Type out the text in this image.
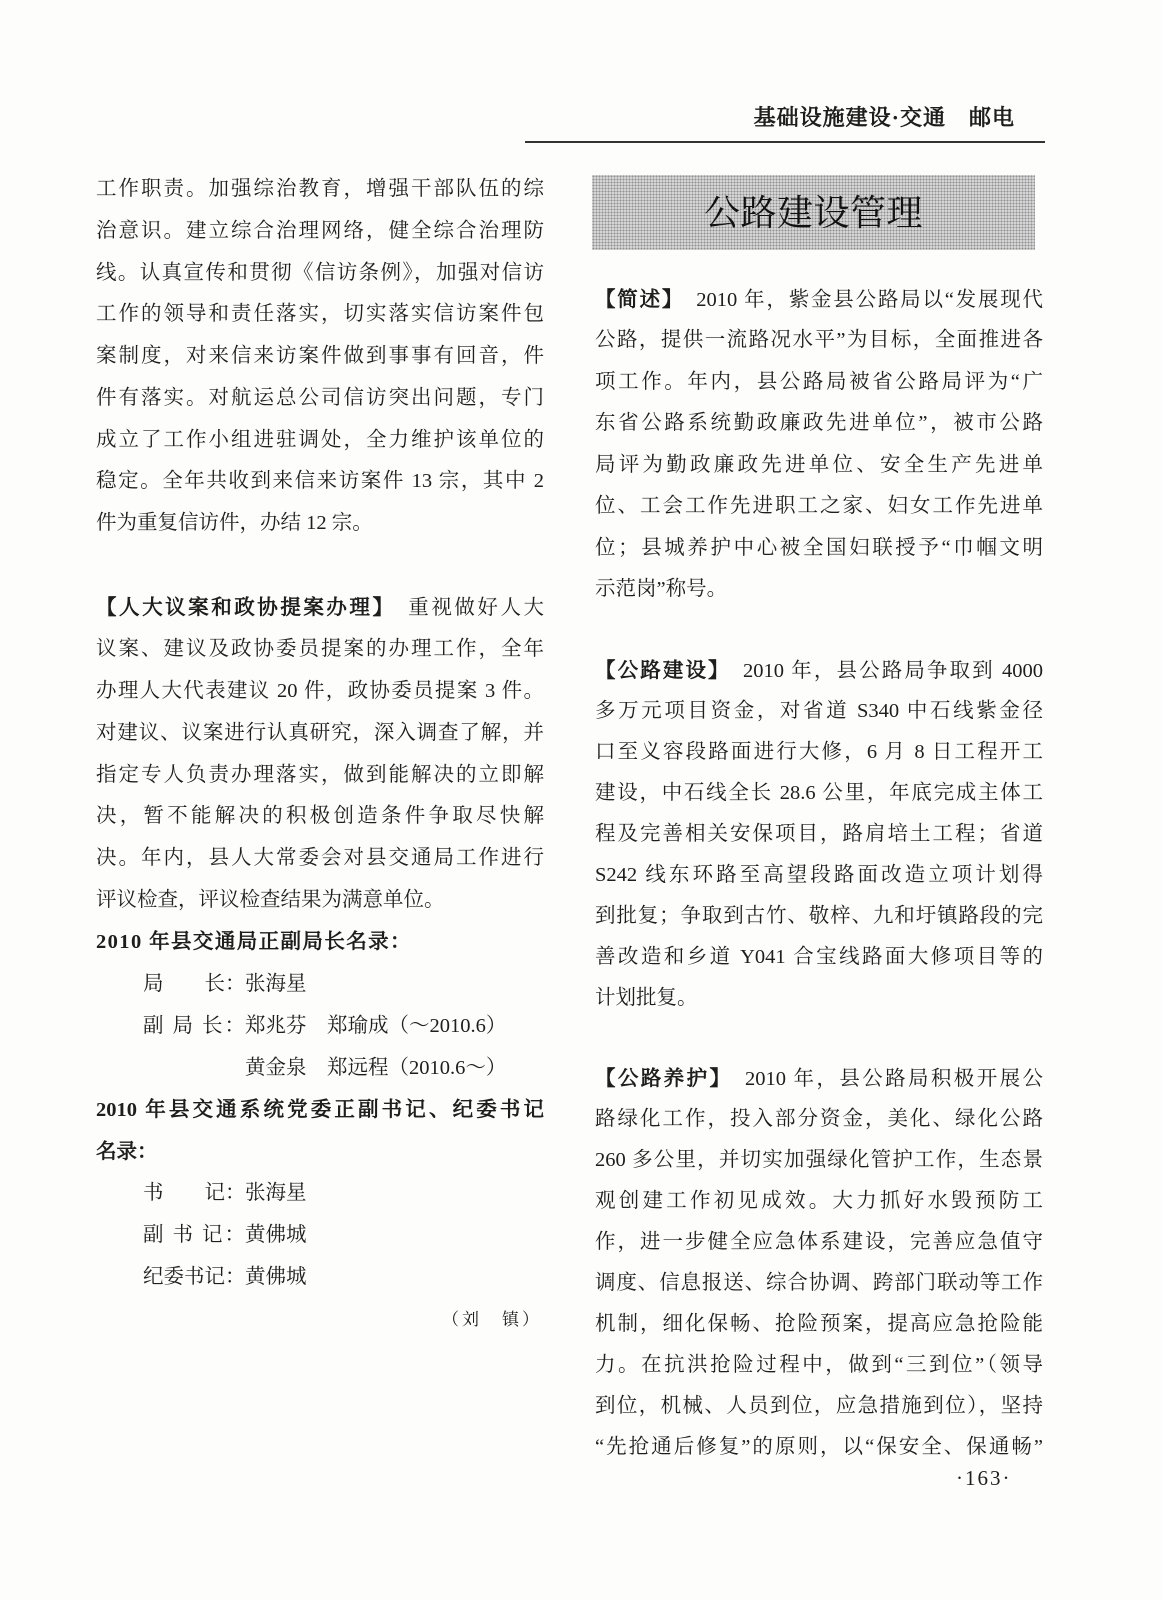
基础设施建设·交通　邮电
工作职责。加强综治教育，增强干部队伍的综
治意识。建立综合治理网络，健全综合治理防
线。认真宣传和贯彻《信访条例》，加强对信访
工作的领导和责任落实，切实落实信访案件包
案制度，对来信来访案件做到事事有回音，件
件有落实。对航运总公司信访突出问题，专门
成立了工作小组进驻调处，全力维护该单位的
稳定。全年共收到来信来访案件 13 宗，其中 2
件为重复信访件，办结 12 宗。
【人大议案和政协提案办理】　重视做好人大
议案、建议及政协委员提案的办理工作，全年
办理人大代表建议 20 件，政协委员提案 3 件。
对建议、议案进行认真研究，深入调查了解，并
指定专人负责办理落实，做到能解决的立即解
决，暂不能解决的积极创造条件争取尽快解
决。年内，县人大常委会对县交通局工作进行
评议检查，评议检查结果为满意单位。
2010 年县交通局正副局长名录：
局　　长： 张海星
副 局 长： 郑兆芬　郑瑜成（～2010.6）
黄金泉　郑远程（2010.6～）
2010 年县交通系统党委正副书记、纪委书记
名录：
书　　记： 张海星
副 书 记： 黄佛城
纪委书记： 黄佛城
（刘　镇）
公路建设管理
【简述】　2010 年，紫金县公路局以“发展现代
公路，提供一流路况水平”为目标，全面推进各
项工作。年内，县公路局被省公路局评为“广
东省公路系统勤政廉政先进单位”，被市公路
局评为勤政廉政先进单位、安全生产先进单
位、工会工作先进职工之家、妇女工作先进单
位；县城养护中心被全国妇联授予“巾帼文明
示范岗”称号。
【公路建设】　2010 年，县公路局争取到 4000
多万元项目资金，对省道 S340 中石线紫金径
口至义容段路面进行大修，6 月 8 日工程开工
建设，中石线全长 28.6 公里，年底完成主体工
程及完善相关安保项目，路肩培土工程；省道
S242 线东环路至高望段路面改造立项计划得
到批复；争取到古竹、敬梓、九和圩镇路段的完
善改造和乡道 Y041 合宝线路面大修项目等的
计划批复。
【公路养护】　2010 年，县公路局积极开展公
路绿化工作，投入部分资金，美化、绿化公路
260 多公里，并切实加强绿化管护工作，生态景
观创建工作初见成效。大力抓好水毁预防工
作，进一步健全应急体系建设，完善应急值守
调度、信息报送、综合协调、跨部门联动等工作
机制，细化保畅、抢险预案，提高应急抢险能
力。在抗洪抢险过程中，做到“三到位”（领导
到位，机械、人员到位，应急措施到位），坚持
“先抢通后修复”的原则，以“保安全、保通畅”
·163·
